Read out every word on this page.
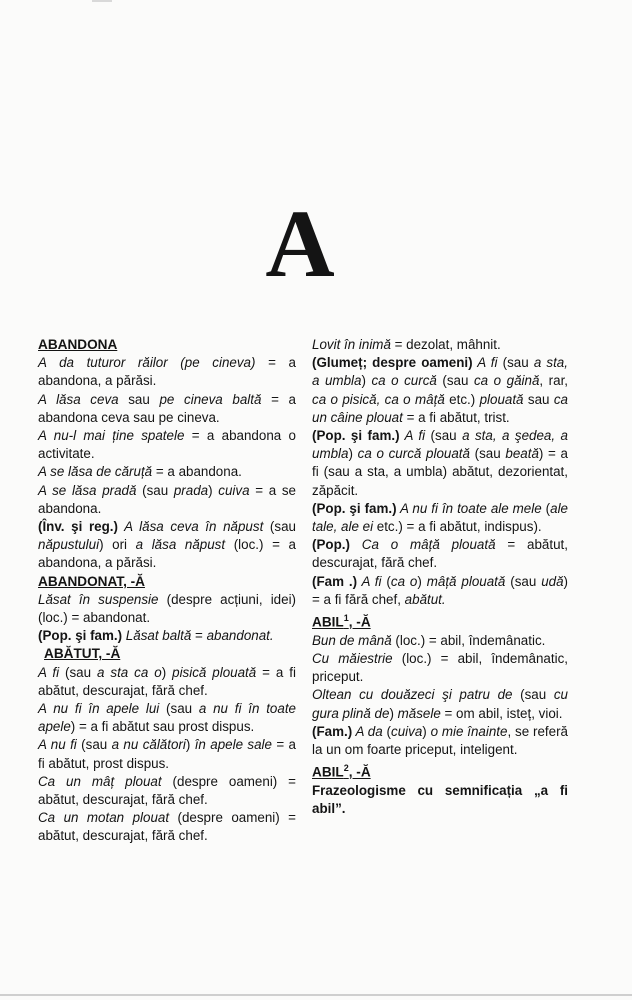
A

ABANDONA

A da tuturor răilor (pe cineva) = a abandona, a părăsi.

A lăsa ceva sau pe cineva baltă = a abandona ceva sau pe cineva.

A nu-l mai ține spatele = a abandona o activitate.

A se lăsa de căruță = a abandona.

A se lăsa pradă (sau prada) cuiva = a se abandona.

(Înv. şi reg.) A lăsa ceva în năpust (sau năpustului) ori a lăsa năpust (loc.) = a abandona, a părăsi.

ABANDONAT, -Ă

Lăsat în suspensie (despre acțiuni, idei) (loc.) = abandonat.

(Pop. şi fam.) Lăsat baltă = abandonat.

ABĂTUT, -Ă

A fi (sau a sta ca o) pisică plouată = a fi abătut, descurajat, fără chef.

A nu fi în apele lui (sau a nu fi în toate apele) = a fi abătut sau prost dispus.

A nu fi (sau a nu călători) în apele sale = a fi abătut, prost dispus.

Ca un mâț plouat (despre oameni) = abătut, descurajat, fără chef.

Ca un motan plouat (despre oameni) = abătut, descurajat, fără chef.

Lovit în inimă = dezolat, mâhnit.

(Glumeț; despre oameni) A fi (sau a sta, a umbla) ca o curcă (sau ca o găină, rar, ca o pisică, ca o mâță etc.) plouată sau ca un câine plouat = a fi abătut, trist.

(Pop. şi fam.) A fi (sau a sta, a şedea, a umbla) ca o curcă plouată (sau beată) = a fi (sau a sta, a umbla) abătut, dezorientat, zăpăcit.

(Pop. şi fam.) A nu fi în toate ale mele (ale tale, ale ei etc.) = a fi abătut, indispus).

(Pop.) Ca o mâță plouată = abătut, descurajat, fără chef.

(Fam .) A fi (ca o) mâță plouată (sau udă) = a fi fără chef, abătut.

ABIL$^1$, -Ă

Bun de mână (loc.) = abil, îndemânatic.

Cu măiestrie (loc.) = abil, îndemânatic, priceput.

Oltean cu douăzeci şi patru de (sau cu gura plină de) măsele = om abil, isteț, vioi.

(Fam.) A da (cuiva) o mie înainte, se referă la un om foarte priceput, inteligent.

ABIL$^2$, -Ă

Frazeologisme cu semnificația „a fi abil”.
